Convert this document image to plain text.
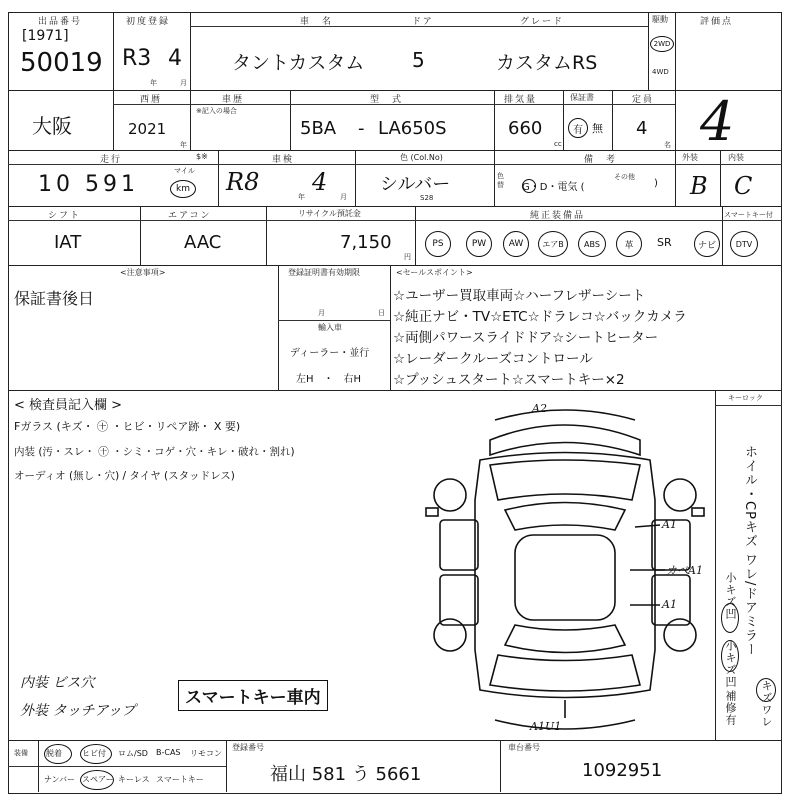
出品番号
[1971]
50019
初度登録
R3 4
年	月
車　名
タントカスタム
ドア
5
グレード
カスタムRS
駆動
2WD
4WD
評価点
大阪
西暦
2021
年
車歴
※記入の場合
型　式
5BA - LA650S
排気量
660
cc
保証書
有 無
定員
4
名 4
走行	$※
10 591
マイル
km
車検
R8 4
年	月
色 (Col.No)
シルバー
S28
色替
備　考
G・D・電気 (
その他
)
外装
B
内装
C
シフト
IAT
エアコン
AAC
リサイクル預託金
7,150
円
純正装備品	スマートキー付
PS	PW	AW	エアB	ABS	革	SR	ナビ	DTV
<注意事項>
保証書後日
登録証明書有効期限
月	日
輸入車
ディーラー・並行
左H　・　右H
<セールスポイント>
☆ユーザー買取車両☆ハーフレザーシート
☆純正ナビ・TV☆ETC☆ドラレコ☆バックカメラ
☆両側パワースライドドア☆シートヒーター
☆レーダークルーズコントロール
☆プッシュスタート☆スマートキー×2
キーロック
< 検査員記入欄 >
Fガラス (キズ・ ㊉ ・ヒビ・リペア跡・ X 要)
内装 (汚・スレ・ ㊉ ・シミ・コゲ・穴・キレ・破れ・割れ)
オーディオ (無し・穴) / タイヤ (スタッドレス)	ホイル・CPキズ ワレ/ドアミラー
小キズ凹
小キズ凹
キズワレ
補修有
内装 ビス穴
外装 タッチアップ
スマートキー車内
A2
A1
カベA1
A1
A1U1
装備	脱着	ヒビ付 ロム/SD B-CAS リモコン
ナンバー スペアー キーレス スマートキー
登録番号
福山 581 う 5661
車台番号
1092951
